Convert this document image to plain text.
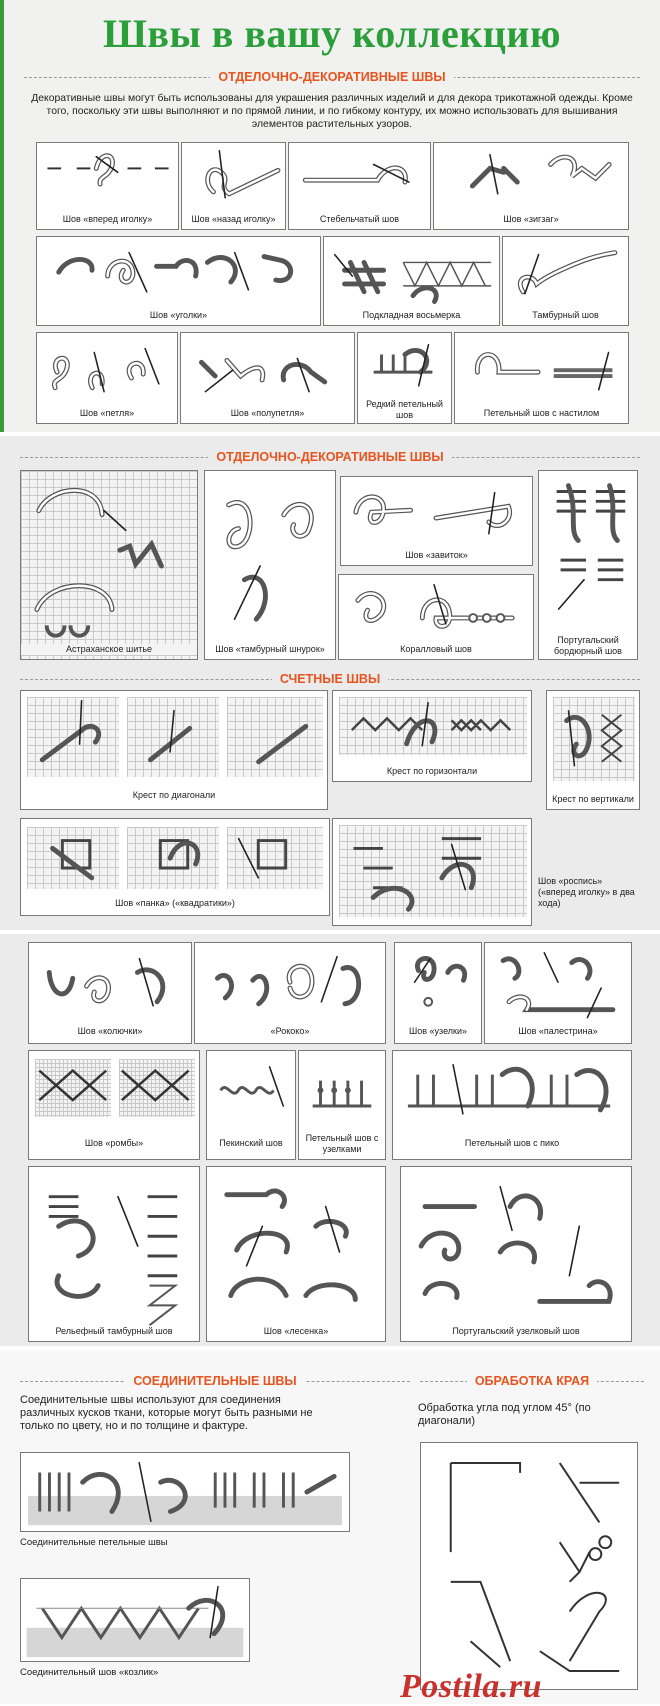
Швы в вашу коллекцию
ОТДЕЛОЧНО-ДЕКОРАТИВНЫЕ ШВЫ
Декоративные швы могут быть использованы для украшения различных изделий и для декора трикотажной одежды. Кроме того, поскольку эти швы выполняют и по прямой линии, и по гибкому контуру, их можно использовать для вышивания элементов растительных узоров.
Шов «вперед иголку»	Шов «назад иголку»	Стебельчатый шов	Шов «зигзаг»
Шов «уголки»	Подкладная восьмерка	Тамбурный шов
Шов «петля»	Шов «полупетля»
Редкий петельный шов	Петельный шов с настилом
ОТДЕЛОЧНО-ДЕКОРАТИВНЫЕ ШВЫ
Астраханское шитье	Шов «тамбурный шнурок»
Шов «завиток»
Коралловый шов
Португальский бордюрный шов
СЧЕТНЫЕ ШВЫ
Крест по диагонали
Крест по горизонтали
Крест по вертикали
Шов «панка» («квадратики»)
Шов «роспись» («вперед иголку» в два хода)
Шов «колючки»	«Рококо»	Шов «узелки»	Шов «палестрина»
Шов «ромбы»	Пекинский шов	Петельный шов с узелками
Петельный шов с пико
Рельефный тамбурный шов	Шов «лесенка»	Португальский узелковый шов
СОЕДИНИТЕЛЬНЫЕ ШВЫ	ОБРАБОТКА КРАЯ
Соединительные швы используют для соединения различных кусков ткани, которые могут быть разными не только по цвету, но и по толщине и фактуре.
Обработка угла под углом 45° (по диагонали)
Соединительные петельные швы
Соединительный шов «козлик»	Postila.ru
